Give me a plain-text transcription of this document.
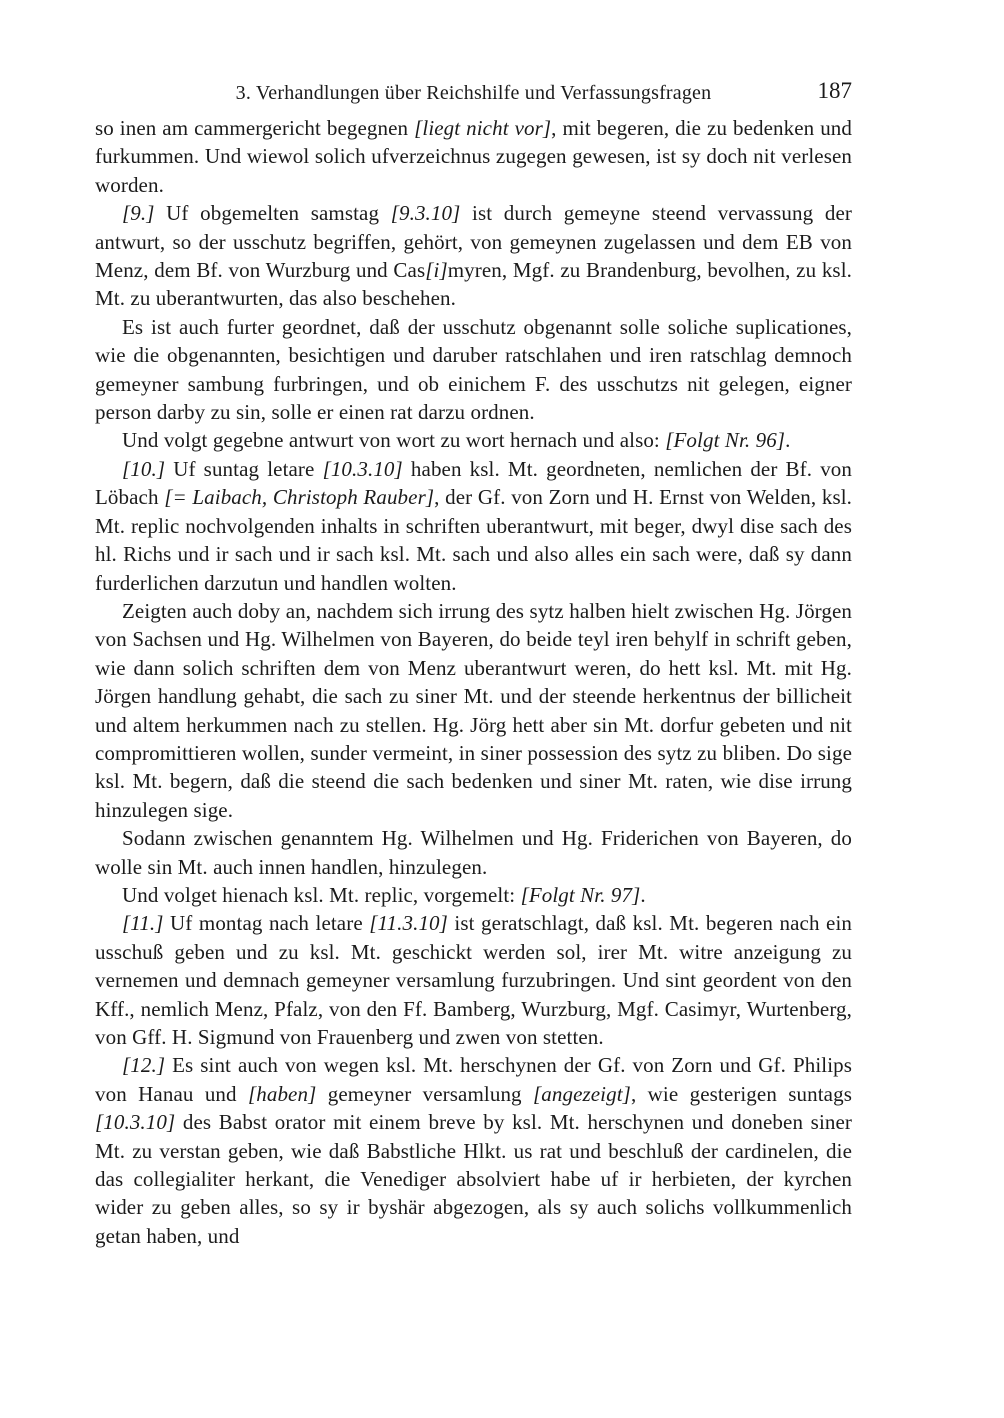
3. Verhandlungen über Reichshilfe und Verfassungsfragen	187

so inen am cammergericht begegnen [liegt nicht vor], mit begeren, die zu bedenken und furkummen. Und wiewol solich ufverzeichnus zugegen gewesen, ist sy doch nit verlesen worden.

[9.] Uf obgemelten samstag [9.3.10] ist durch gemeyne steend vervassung der antwurt, so der usschutz begriffen, gehört, von gemeynen zugelassen und dem EB von Menz, dem Bf. von Wurzburg und Cas[i]myren, Mgf. zu Brandenburg, bevolhen, zu ksl. Mt. zu uberantwurten, das also beschehen.

Es ist auch furter geordnet, daß der usschutz obgenannt solle soliche suplicationes, wie die obgenannten, besichtigen und daruber ratschlahen und iren ratschlag demnoch gemeyner sambung furbringen, und ob einichem F. des usschutzs nit gelegen, eigner person darby zu sin, solle er einen rat darzu ordnen.

Und volgt gegebne antwurt von wort zu wort hernach und also: [Folgt Nr. 96].

[10.] Uf suntag letare [10.3.10] haben ksl. Mt. geordneten, nemlichen der Bf. von Löbach [= Laibach, Christoph Rauber], der Gf. von Zorn und H. Ernst von Welden, ksl. Mt. replic nochvolgenden inhalts in schriften uberantwurt, mit beger, dwyl dise sach des hl. Richs und ir sach und ir sach ksl. Mt. sach und also alles ein sach were, daß sy dann furderlichen darzutun und handlen wolten.

Zeigten auch doby an, nachdem sich irrung des sytz halben hielt zwischen Hg. Jörgen von Sachsen und Hg. Wilhelmen von Bayeren, do beide teyl iren behylf in schrift geben, wie dann solich schriften dem von Menz uberantwurt weren, do hett ksl. Mt. mit Hg. Jörgen handlung gehabt, die sach zu siner Mt. und der steende herkentnus der billicheit und altem herkummen nach zu stellen. Hg. Jörg hett aber sin Mt. dorfur gebeten und nit compromittieren wollen, sunder vermeint, in siner possession des sytz zu bliben. Do sige ksl. Mt. begern, daß die steend die sach bedenken und siner Mt. raten, wie dise irrung hinzulegen sige.

Sodann zwischen genanntem Hg. Wilhelmen und Hg. Friderichen von Bayeren, do wolle sin Mt. auch innen handlen, hinzulegen.

Und volget hienach ksl. Mt. replic, vorgemelt: [Folgt Nr. 97].

[11.] Uf montag nach letare [11.3.10] ist geratschlagt, daß ksl. Mt. begeren nach ein usschuß geben und zu ksl. Mt. geschickt werden sol, irer Mt. witre anzeigung zu vernemen und demnach gemeyner versamlung furzubringen. Und sint geordent von den Kff., nemlich Menz, Pfalz, von den Ff. Bamberg, Wurzburg, Mgf. Casimyr, Wurtenberg, von Gff. H. Sigmund von Frauenberg und zwen von stetten.

[12.] Es sint auch von wegen ksl. Mt. herschynen der Gf. von Zorn und Gf. Philips von Hanau und [haben] gemeyner versamlung [angezeigt], wie gesterigen suntags [10.3.10] des Babst orator mit einem breve by ksl. Mt. herschynen und doneben siner Mt. zu verstan geben, wie daß Babstliche Hlkt. us rat und beschluß der cardinelen, die das collegialiter herkant, die Venediger absolviert habe uf ir herbieten, der kyrchen wider zu geben alles, so sy ir byshär abgezogen, als sy auch solichs vollkummenlich getan haben, und
